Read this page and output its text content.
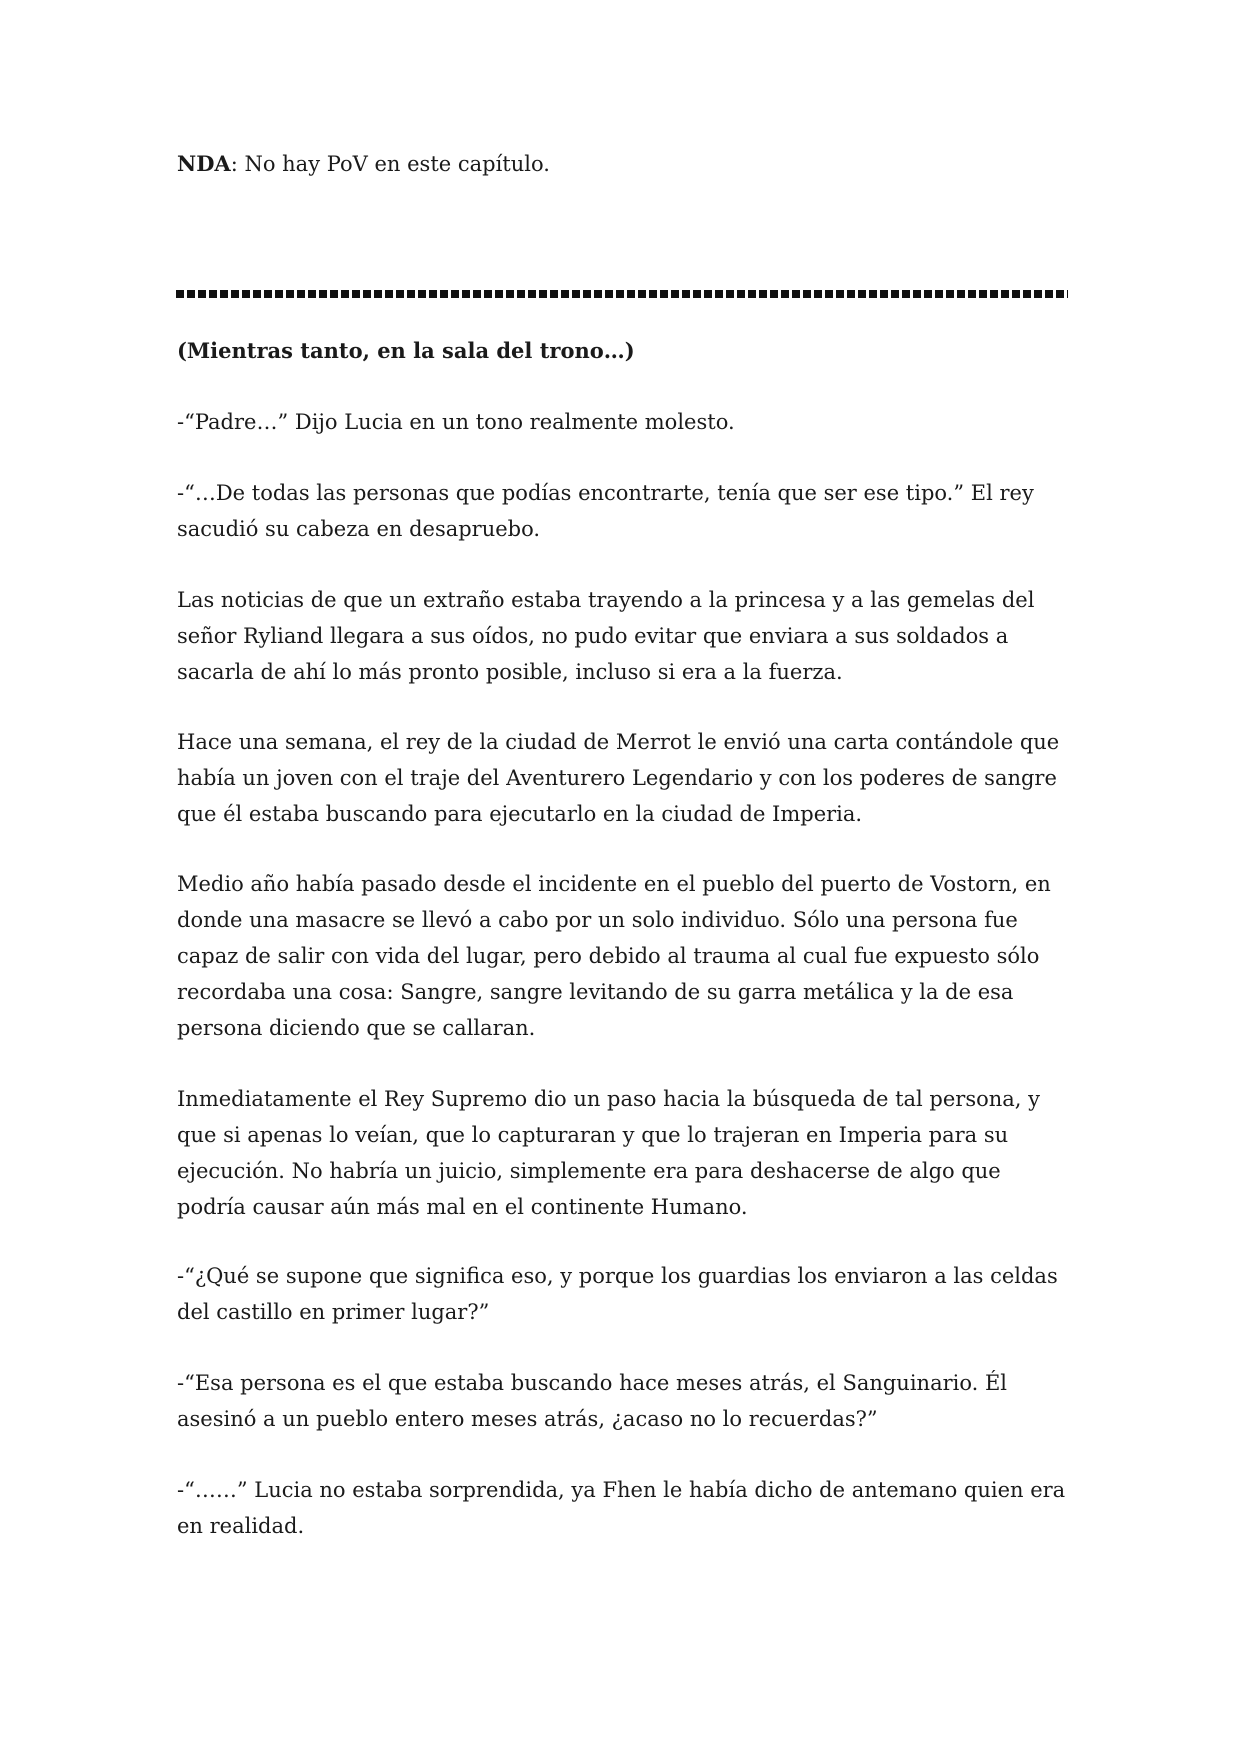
NDA: No hay PoV en este capítulo.

(Mientras tanto, en la sala del trono…)

-“Padre…” Dijo Lucia en un tono realmente molesto.

-“…De todas las personas que podías encontrarte, tenía que ser ese tipo.” El rey sacudió su cabeza en desapruebo.

Las noticias de que un extraño estaba trayendo a la princesa y a las gemelas del señor Ryliand llegara a sus oídos, no pudo evitar que enviara a sus soldados a sacarla de ahí lo más pronto posible, incluso si era a la fuerza.

Hace una semana, el rey de la ciudad de Merrot le envió una carta contándole que había un joven con el traje del Aventurero Legendario y con los poderes de sangre que él estaba buscando para ejecutarlo en la ciudad de Imperia.

Medio año había pasado desde el incidente en el pueblo del puerto de Vostorn, en donde una masacre se llevó a cabo por un solo individuo. Sólo una persona fue capaz de salir con vida del lugar, pero debido al trauma al cual fue expuesto sólo recordaba una cosa: Sangre, sangre levitando de su garra metálica y la de esa persona diciendo que se callaran.

Inmediatamente el Rey Supremo dio un paso hacia la búsqueda de tal persona, y que si apenas lo veían, que lo capturaran y que lo trajeran en Imperia para su ejecución. No habría un juicio, simplemente era para deshacerse de algo que podría causar aún más mal en el continente Humano.

-“¿Qué se supone que significa eso, y porque los guardias los enviaron a las celdas del castillo en primer lugar?”

-“Esa persona es el que estaba buscando hace meses atrás, el Sanguinario. Él asesinó a un pueblo entero meses atrás, ¿acaso no lo recuerdas?”

-“……” Lucia no estaba sorprendida, ya Fhen le había dicho de antemano quien era en realidad.
